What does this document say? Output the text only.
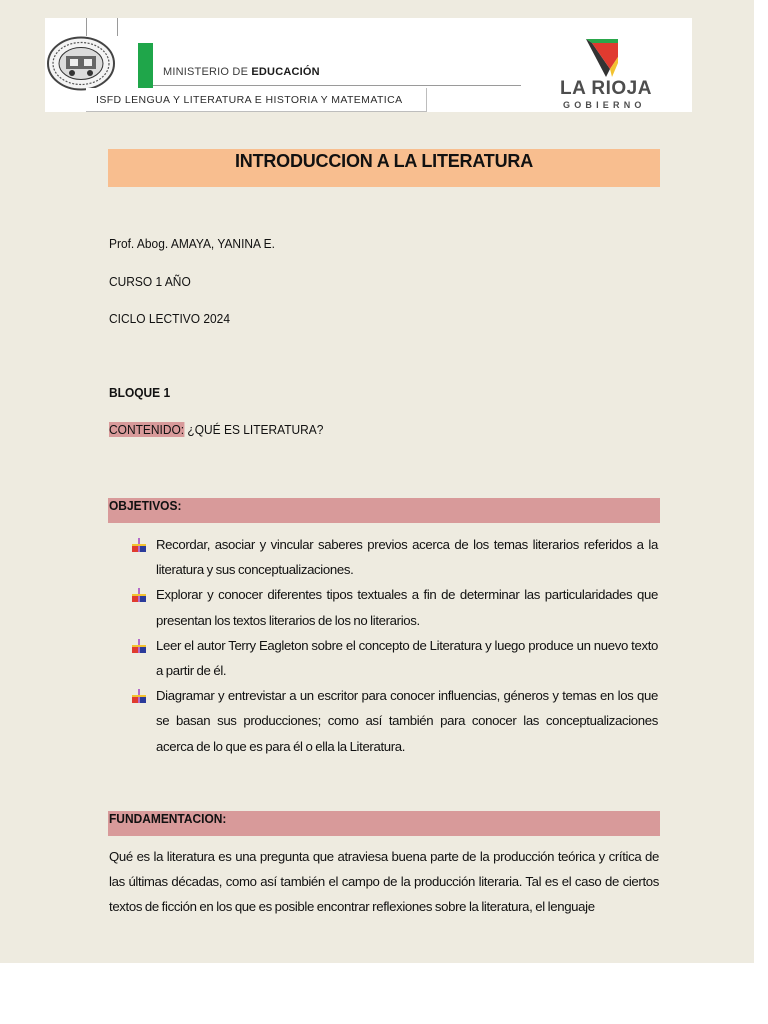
MINISTERIO DE EDUCACIÓN
ISFD LENGUA Y LITERATURA E HISTORIA Y MATEMATICA
LA RIOJA
GOBIERNO
INTRODUCCION A LA LITERATURA
Prof. Abog. AMAYA, YANINA E.
CURSO 1 AÑO
CICLO LECTIVO 2024
BLOQUE 1
CONTENIDO: ¿QUÉ ES LITERATURA?
OBJETIVOS:
Recordar, asociar y vincular saberes previos acerca de los temas literarios referidos a la literatura y sus conceptualizaciones.
Explorar y conocer diferentes tipos textuales a fin de determinar las particularidades que presentan los textos literarios de los no literarios.
Leer el autor Terry Eagleton sobre el concepto de Literatura y luego produce un nuevo texto a partir de él.
Diagramar y entrevistar a un escritor para conocer influencias, géneros y temas en los que se basan sus producciones; como así también para conocer las conceptualizaciones acerca de lo que es para él o ella la Literatura.
FUNDAMENTACION:
Qué es la literatura es una pregunta que atraviesa buena parte de la producción teórica y crítica de las últimas décadas, como así también el campo de la producción literaria. Tal es el caso de ciertos textos de ficción en los que es posible encontrar reflexiones sobre la literatura, el lenguaje
